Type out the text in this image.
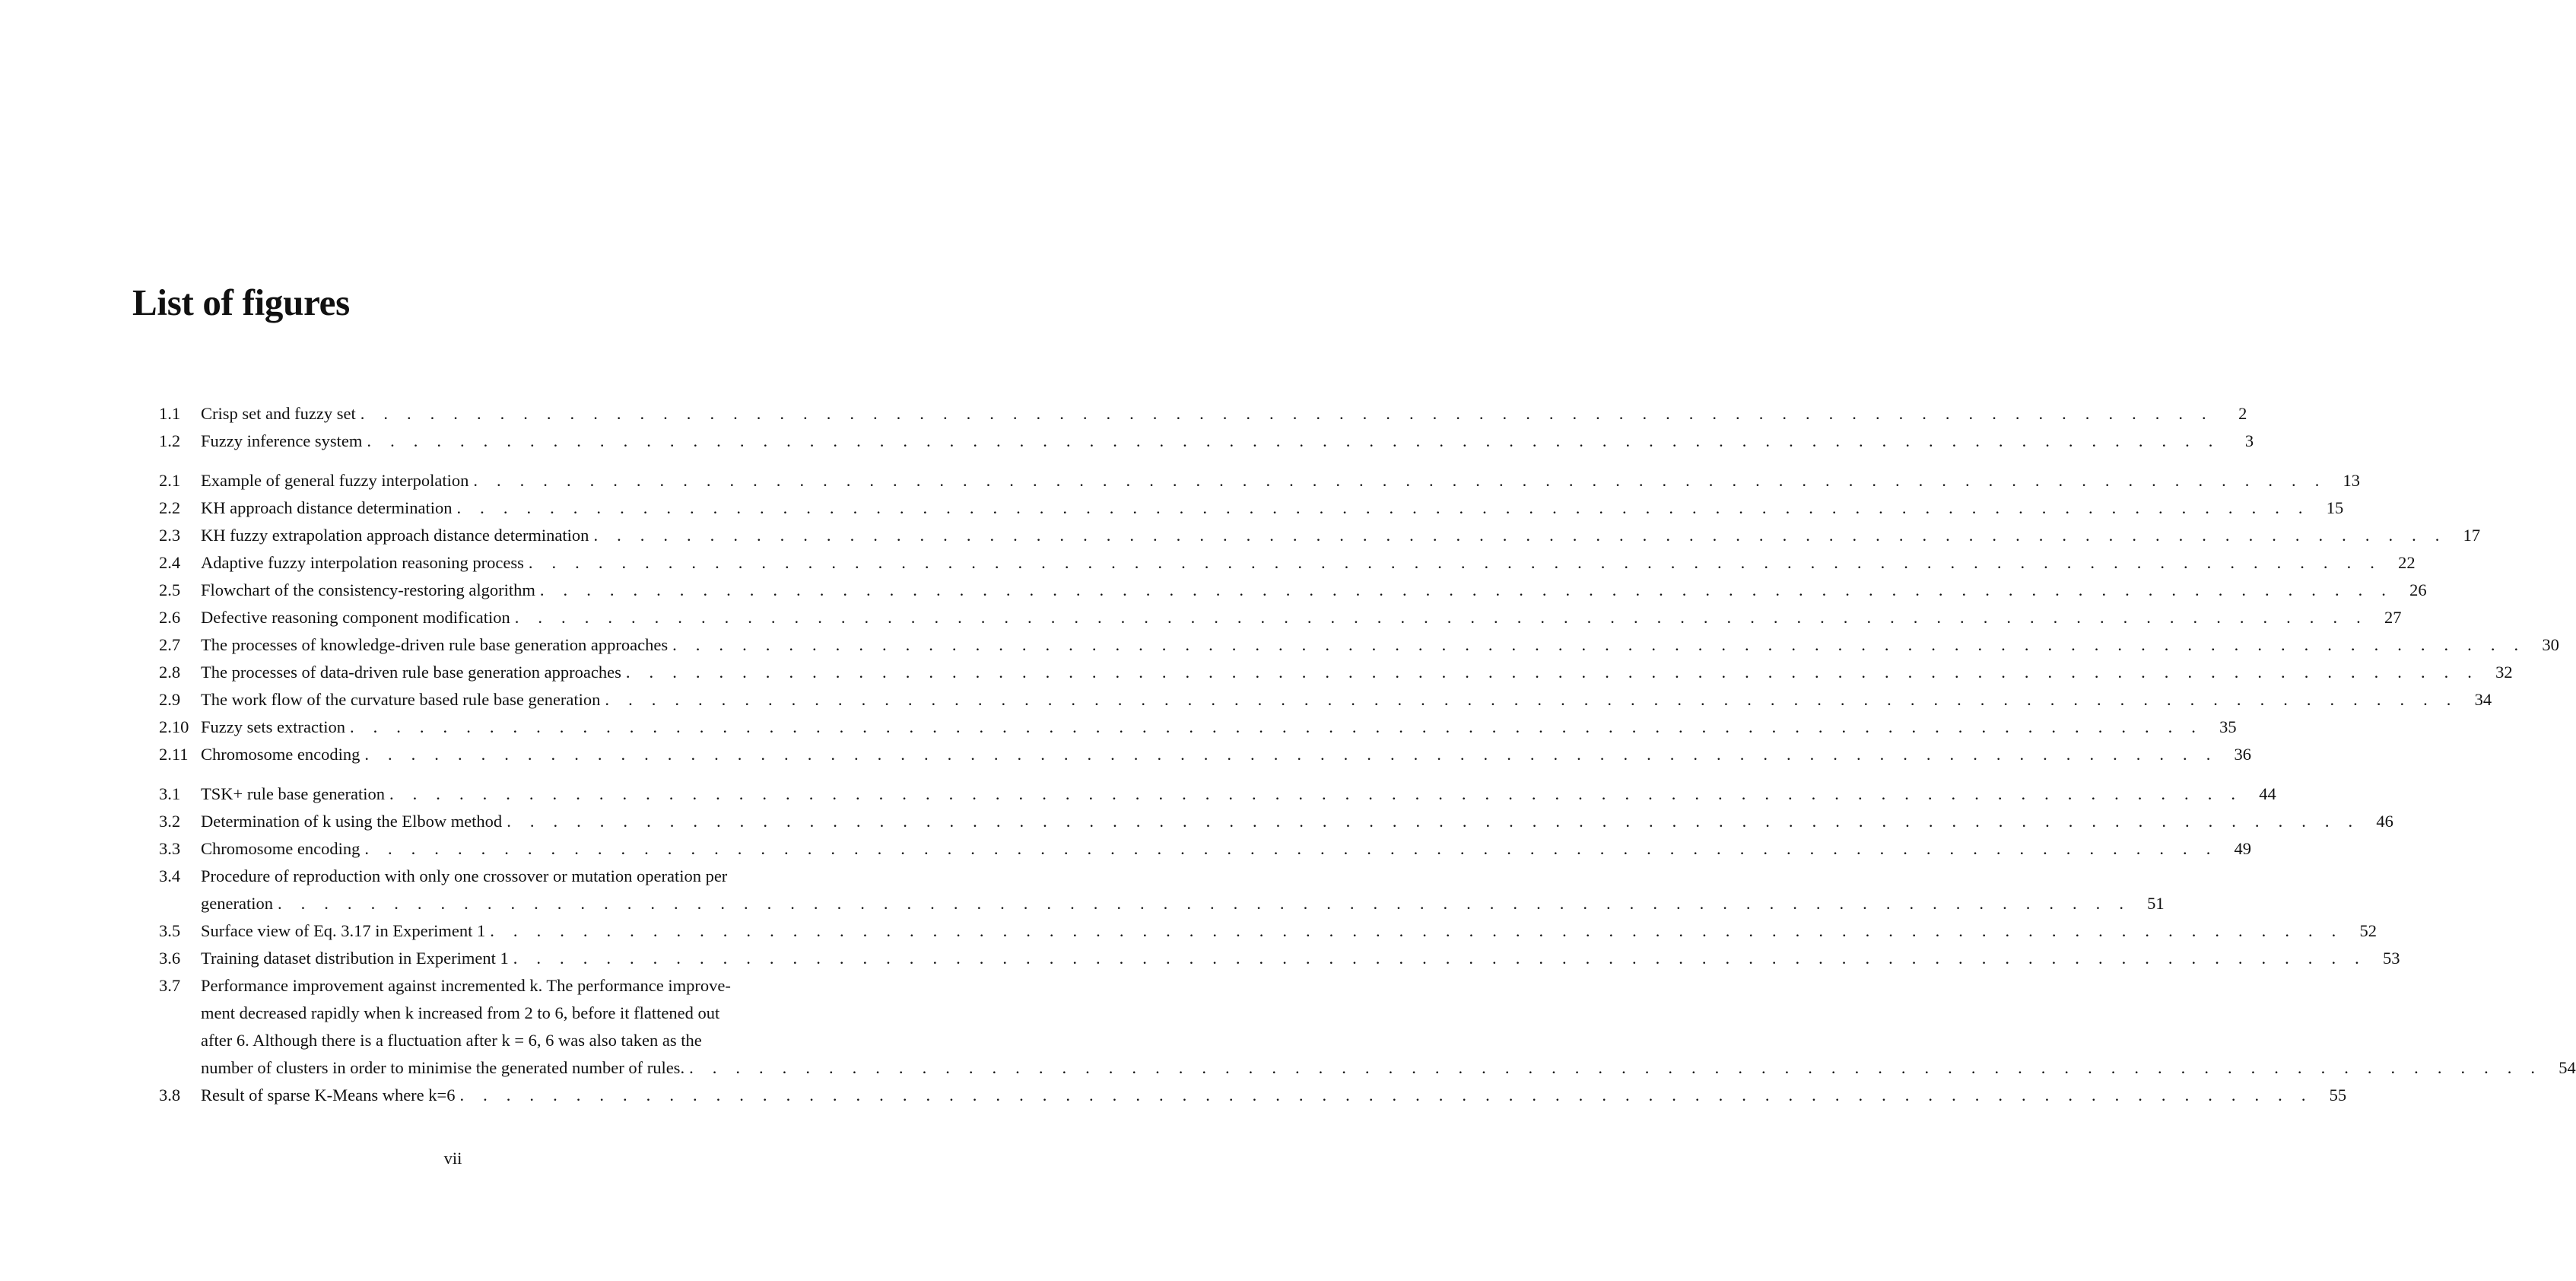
List of figures
1.1	Crisp set and fuzzy set . . . . . . . . . . . . . . . . . . . . . . . . . . . . . . . . . . . . . . . . . . . . . . . . . . . . . . . . . . . . . . . . . . . . . . . . . . . . . . . .	2
1.2	Fuzzy inference system . . . . . . . . . . . . . . . . . . . . . . . . . . . . . . . . . . . . . . . . . . . . . . . . . . . . . . . . . . . . . . . . . . . . . . . . . . . . . . . .	3
2.1	Example of general fuzzy interpolation . . . . . . . . . . . . . . . . . . . . . . . . . . . . . . . . . . . . . . . . . . . . . . . . . . . . . . . . . . . . . . . . . . . . . . . . . . . . . . . . 13
2.2	KH approach distance determination . . . . . . . . . . . . . . . . . . . . . . . . . . . . . . . . . . . . . . . . . . . . . . . . . . . . . . . . . . . . . . . . . . . . . . . . . . . . . . . . 15
2.3	KH fuzzy extrapolation approach distance determination . . . . . . . . . . . . . . . . . . . . . . . . . . . . . . . . . . . . . . . . . . . . . . . . . . . . . . . . . . . . . . . . . . . . . . . . . . . . . . . . 17
2.4	Adaptive fuzzy interpolation reasoning process . . . . . . . . . . . . . . . . . . . . . . . . . . . . . . . . . . . . . . . . . . . . . . . . . . . . . . . . . . . . . . . . . . . . . . . . . . . . . . . . 22
2.5	Flowchart of the consistency-restoring algorithm . . . . . . . . . . . . . . . . . . . . . . . . . . . . . . . . . . . . . . . . . . . . . . . . . . . . . . . . . . . . . . . . . . . . . . . . . . . . . . . . 26
2.6	Defective reasoning component modification . . . . . . . . . . . . . . . . . . . . . . . . . . . . . . . . . . . . . . . . . . . . . . . . . . . . . . . . . . . . . . . . . . . . . . . . . . . . . . . . 27
2.7	The processes of knowledge-driven rule base generation approaches . . . . . . . . . . . . . . . . . . . . . . . . . . . . . . . . . . . . . . . . . . . . . . . . . . . . . . . . . . . . . . . . . . . . . . . . . . . . . . . . 30
2.8	The processes of data-driven rule base generation approaches . . . . . . . . . . . . . . . . . . . . . . . . . . . . . . . . . . . . . . . . . . . . . . . . . . . . . . . . . . . . . . . . . . . . . . . . . . . . . . . . 32
2.9	The work flow of the curvature based rule base generation . . . . . . . . . . . . . . . . . . . . . . . . . . . . . . . . . . . . . . . . . . . . . . . . . . . . . . . . . . . . . . . . . . . . . . . . . . . . . . . . 34
2.10 Fuzzy sets extraction . . . . . . . . . . . . . . . . . . . . . . . . . . . . . . . . . . . . . . . . . . . . . . . . . . . . . . . . . . . . . . . . . . . . . . . . . . . . . . . . 35
2.11 Chromosome encoding . . . . . . . . . . . . . . . . . . . . . . . . . . . . . . . . . . . . . . . . . . . . . . . . . . . . . . . . . . . . . . . . . . . . . . . . . . . . . . . . 36
3.1	TSK+ rule base generation . . . . . . . . . . . . . . . . . . . . . . . . . . . . . . . . . . . . . . . . . . . . . . . . . . . . . . . . . . . . . . . . . . . . . . . . . . . . . . . . 44
3.2	Determination of k using the Elbow method . . . . . . . . . . . . . . . . . . . . . . . . . . . . . . . . . . . . . . . . . . . . . . . . . . . . . . . . . . . . . . . . . . . . . . . . . . . . . . . . 46
3.3	Chromosome encoding . . . . . . . . . . . . . . . . . . . . . . . . . . . . . . . . . . . . . . . . . . . . . . . . . . . . . . . . . . . . . . . . . . . . . . . . . . . . . . . . 49
3.4	Procedure of reproduction with only one crossover or mutation operation per
generation . . . . . . . . . . . . . . . . . . . . . . . . . . . . . . . . . . . . . . . . . . . . . . . . . . . . . . . . . . . . . . . . . . . . . . . . . . . . . . . . 51
3.5	Surface view of Eq. 3.17 in Experiment 1 . . . . . . . . . . . . . . . . . . . . . . . . . . . . . . . . . . . . . . . . . . . . . . . . . . . . . . . . . . . . . . . . . . . . . . . . . . . . . . . . 52
3.6	Training dataset distribution in Experiment 1 . . . . . . . . . . . . . . . . . . . . . . . . . . . . . . . . . . . . . . . . . . . . . . . . . . . . . . . . . . . . . . . . . . . . . . . . . . . . . . . . 53
3.7	Performance improvement against incremented k. The performance improve-
ment decreased rapidly when k increased from 2 to 6, before it flattened out
after 6. Although there is a fluctuation after k = 6, 6 was also taken as the
number of clusters in order to minimise the generated number of rules. . . . . . . . . . . . . . . . . . . . . . . . . . . . . . . . . . . . . . . . . . . . . . . . . . . . . . . . . . . . . . . . . . . . . . . . . . . . . . . . . 54
3.8	Result of sparse K-Means where k=6 . . . . . . . . . . . . . . . . . . . . . . . . . . . . . . . . . . . . . . . . . . . . . . . . . . . . . . . . . . . . . . . . . . . . . . . . . . . . . . . . 55
vii
